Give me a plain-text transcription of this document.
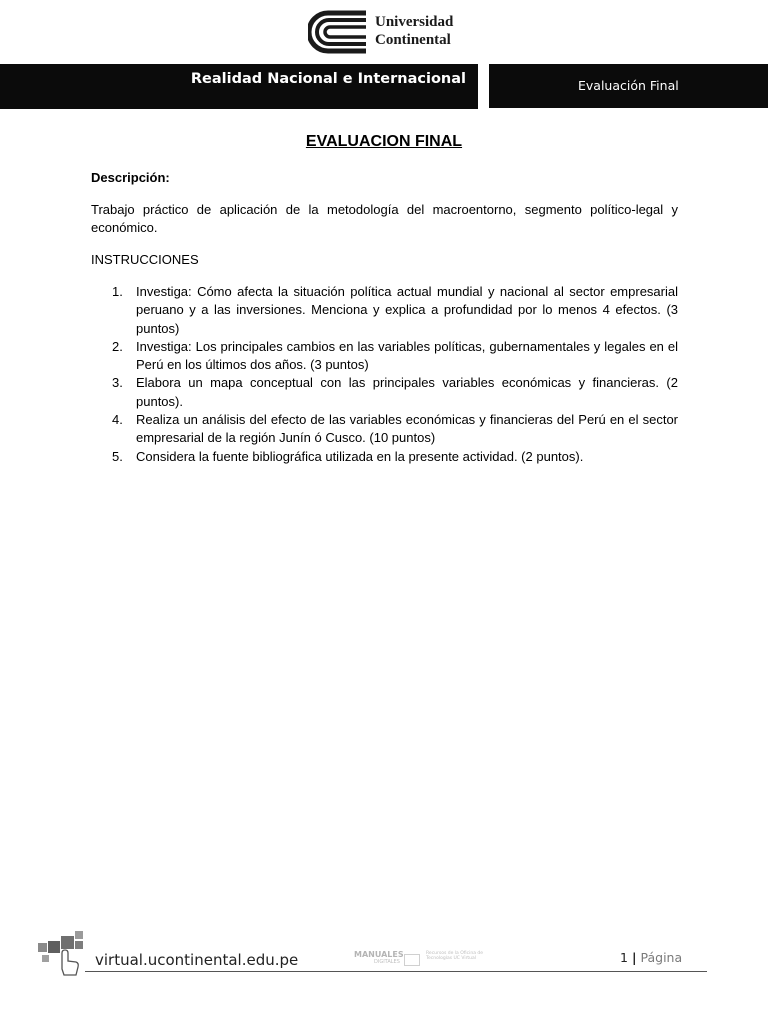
Universidad
Continental
Realidad Nacional e Internacional	Evaluación Final
EVALUACION FINAL
Descripción:

Trabajo práctico de aplicación de la metodología del macroentorno, segmento político-legal y económico.

INSTRUCCIONES
1. Investiga: Cómo afecta la situación política actual mundial y nacional al sector empresarial peruano y a las inversiones. Menciona y explica a profundidad por lo menos 4 efectos. (3 puntos)
2. Investiga: Los principales cambios en las variables políticas, gubernamentales y legales en el Perú en los últimos dos años. (3 puntos)
3. Elabora un mapa conceptual con las principales variables económicas y financieras. (2 puntos).
4. Realiza un análisis del efecto de las variables económicas y financieras del Perú en el sector empresarial de la región Junín ó Cusco. (10 puntos)
5. Considera la fuente bibliográfica utilizada en la presente actividad. (2 puntos).
virtual.ucontinental.edu.pe	MANUALES
DIGITALES
Recursos de la Oficina de Tecnologías UC Virtual	1 | Página
